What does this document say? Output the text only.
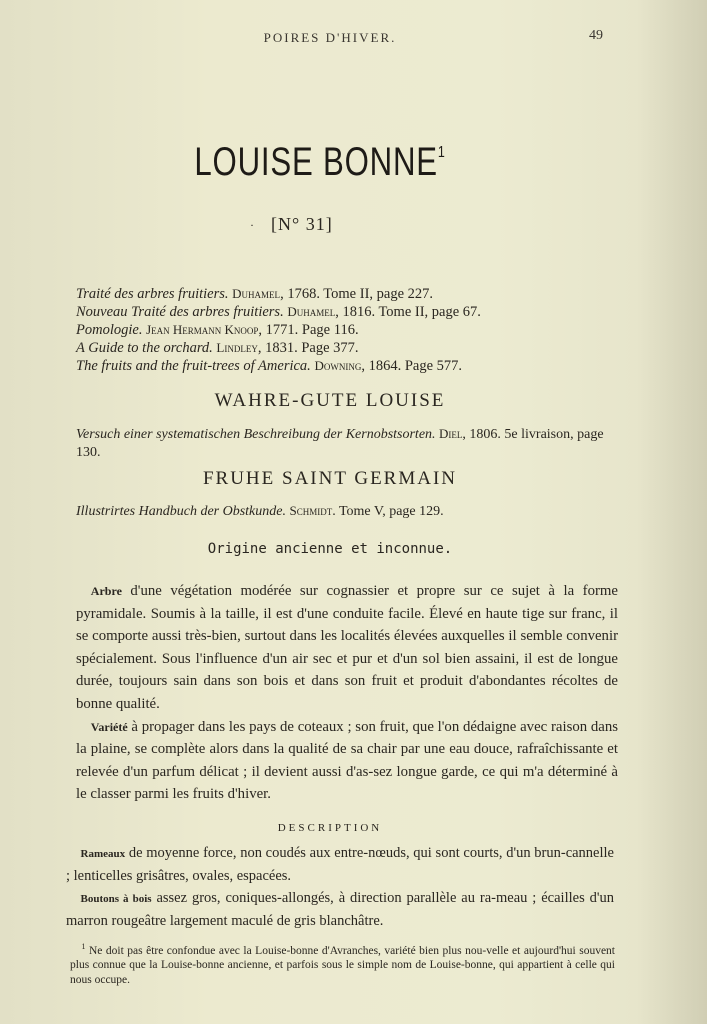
POIRES D'HIVER.	49
LOUISE $BONNE^1$
· [N° 31]
Traité des arbres fruitiers. Duhamel, 1768. Tome II, page 227.
Nouveau Traité des arbres fruitiers. Duhamel, 1816. Tome II, page 67.
Pomologie. Jean Hermann Knoop, 1771. Page 116.
A Guide to the orchard. Lindley, 1831. Page 377.
The fruits and the fruit-trees of America. Downing, 1864. Page 577.
WAHRE-GUTE LOUISE
Versuch einer systematischen Beschreibung der Kernobstsorten. Diel, 1806. 5e livraison, page 130.
FRUHE SAINT GERMAIN
Illustrirtes Handbuch der Obstkunde. Schmidt. Tome V, page 129.
Origine ancienne et inconnue.

 Arbre d'une végétation modérée sur cognassier et propre sur ce sujet à la forme pyramidale. Soumis à la taille, il est d'une conduite facile. Élevé en haute tige sur franc, il se comporte aussi très-bien, surtout dans les localités élevées auxquelles il semble convenir spécialement. Sous l'influence d'un air sec et pur et d'un sol bien assaini, il est de longue durée, toujours sain dans son bois et dans son fruit et produit d'abondantes récoltes de bonne qualité.

 Variété à propager dans les pays de coteaux ; son fruit, que l'on dédaigne avec raison dans la plaine, se complète alors dans la qualité de sa chair par une eau douce, rafraîchissante et relevée d'un parfum délicat ; il devient aussi d'as-sez longue garde, ce qui m'a déterminé à le classer parmi les fruits d'hiver.

DESCRIPTION

 Rameaux de moyenne force, non coudés aux entre-nœuds, qui sont courts, d'un brun-cannelle ; lenticelles grisâtres, ovales, espacées.

 Boutons à bois assez gros, coniques-allongés, à direction parallèle au ra-meau ; écailles d'un marron rougeâtre largement maculé de gris blanchâtre.

 $^1$ Ne doit pas être confondue avec la Louise-bonne d'Avranches, variété bien plus nou-velle et aujourd'hui souvent plus connue que la Louise-bonne ancienne, et parfois sous le simple nom de Louise-bonne, qui appartient à celle qui nous occupe.
